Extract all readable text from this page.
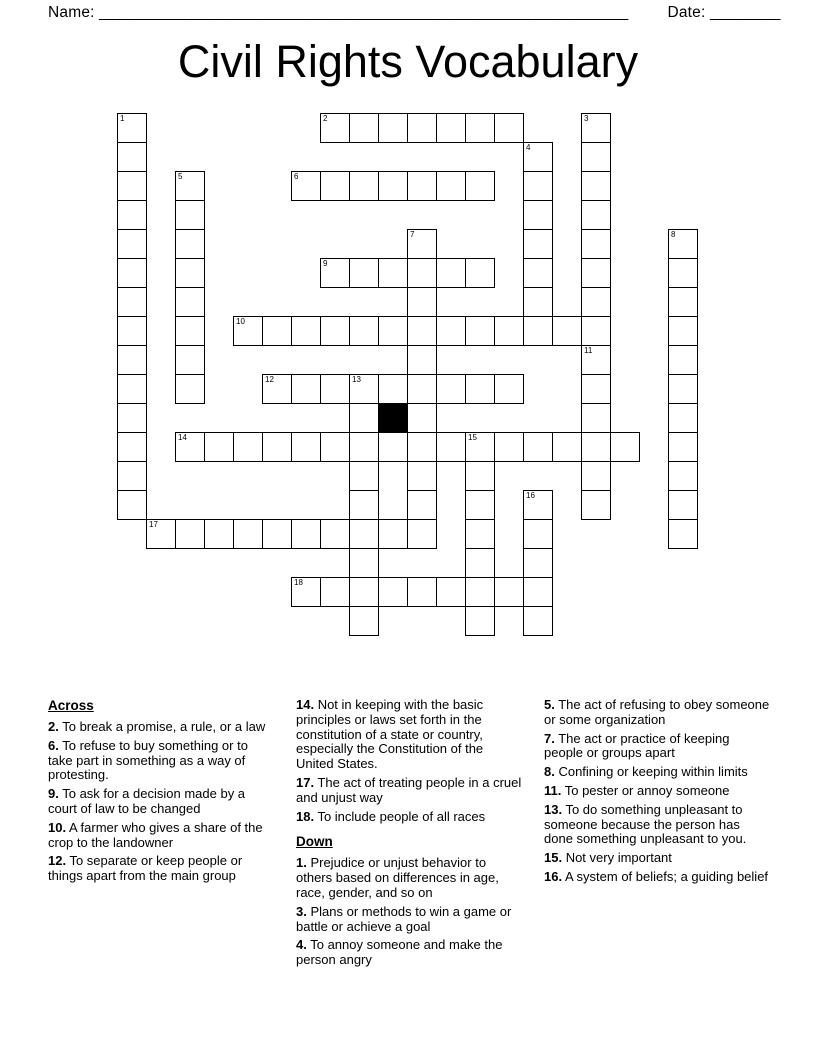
Name: ____________________________________________________________	Date: ________
Civil Rights Vocabulary
1	2	3
4
5	6
7	8
9
10
11
12	13
14	15
16
17
18
Across

2. To break a promise, a rule, or a law

6. To refuse to buy something or to take part in something as a way of protesting.

9. To ask for a decision made by a court of law to be changed

10. A farmer who gives a share of the crop to the landowner

12. To separate or keep people or things apart from the main group

14. Not in keeping with the basic principles or laws set forth in the constitution of a state or country, especially the Constitution of the United States.

17. The act of treating people in a cruel and unjust way

18. To include people of all races

Down

1. Prejudice or unjust behavior to others based on differences in age, race, gender, and so on

3. Plans or methods to win a game or battle or achieve a goal

4. To annoy someone and make the person angry

5. The act of refusing to obey someone or some organization

7. The act or practice of keeping people or groups apart

8. Confining or keeping within limits

11. To pester or annoy someone

13. To do something unpleasant to someone because the person has done something unpleasant to you.

15. Not very important

16. A system of beliefs; a guiding belief
